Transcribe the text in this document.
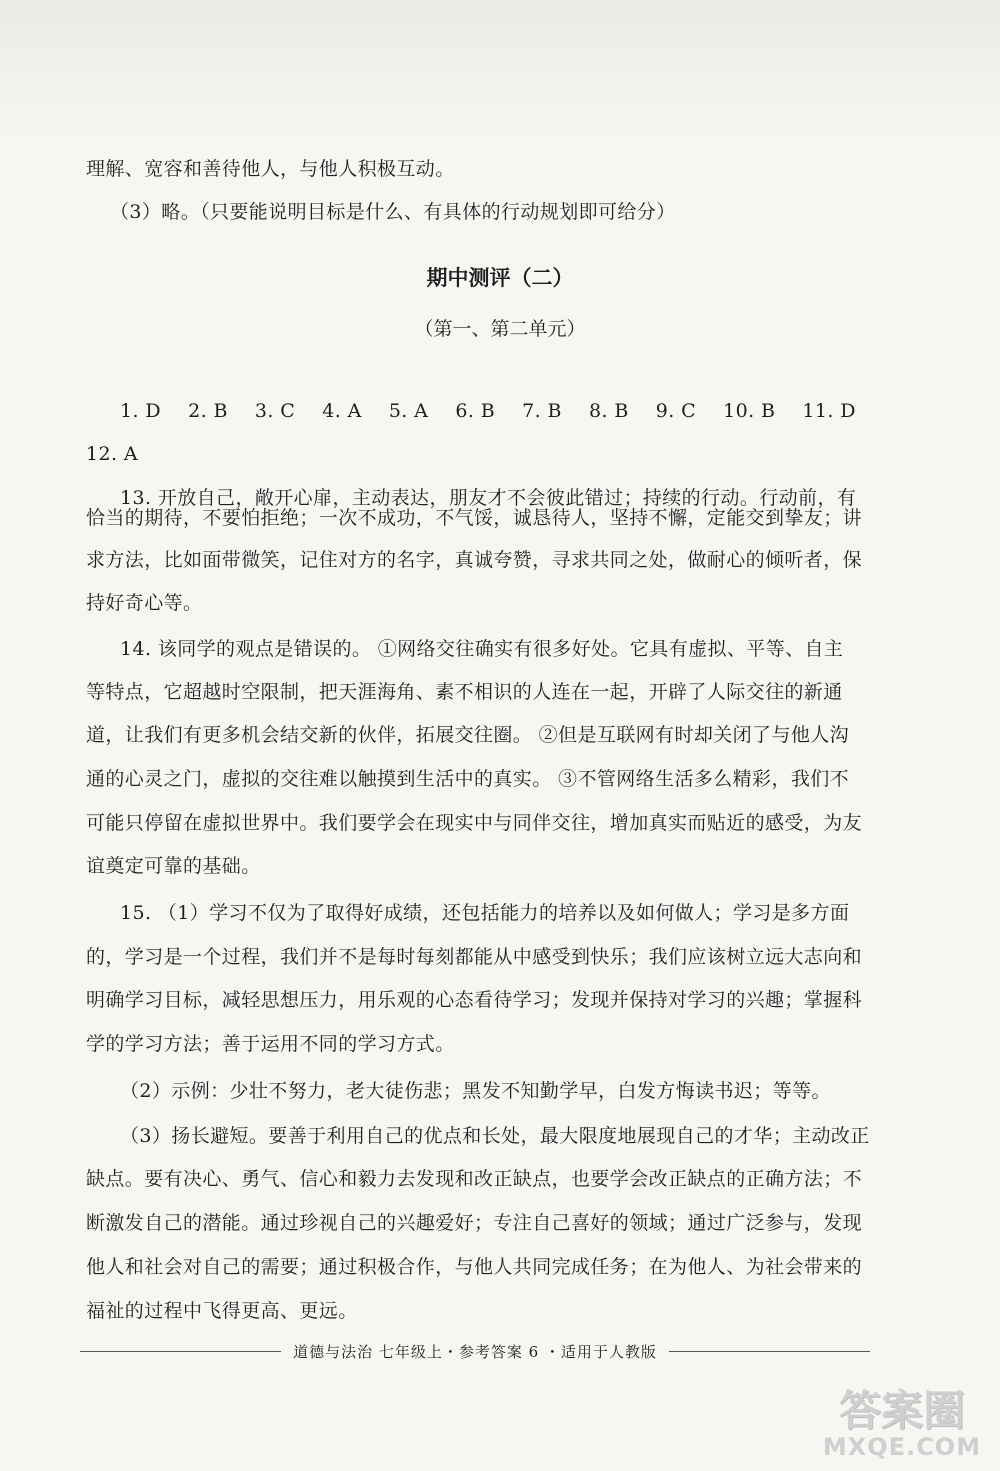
理解、宽容和善待他人，与他人积极互动。
（3）略。（只要能说明目标是什么、有具体的行动规划即可给分）
期中测评（二）
（第一、第二单元）
1. D 2. B 3. C 4. A 5. A 6. B 7. B 8. B 9. C 10. B 11. D
12. A
13. 开放自己，敞开心扉，主动表达，朋友才不会彼此错过；持续的行动。行动前，有
恰当的期待，不要怕拒绝；一次不成功，不气馁，诚恳待人，坚持不懈，定能交到挚友；讲
求方法，比如面带微笑，记住对方的名字，真诚夸赞，寻求共同之处，做耐心的倾听者，保
持好奇心等。
14. 该同学的观点是错误的。 ①网络交往确实有很多好处。它具有虚拟、平等、自主
等特点，它超越时空限制，把天涯海角、素不相识的人连在一起，开辟了人际交往的新通
道，让我们有更多机会结交新的伙伴，拓展交往圈。 ②但是互联网有时却关闭了与他人沟
通的心灵之门，虚拟的交往难以触摸到生活中的真实。 ③不管网络生活多么精彩，我们不
可能只停留在虚拟世界中。我们要学会在现实中与同伴交往，增加真实而贴近的感受，为友
谊奠定可靠的基础。
15. （1）学习不仅为了取得好成绩，还包括能力的培养以及如何做人；学习是多方面
的，学习是一个过程，我们并不是每时每刻都能从中感受到快乐；我们应该树立远大志向和
明确学习目标，减轻思想压力，用乐观的心态看待学习；发现并保持对学习的兴趣；掌握科
学的学习方法；善于运用不同的学习方式。
（2）示例：少壮不努力，老大徒伤悲；黑发不知勤学早，白发方悔读书迟；等等。
（3）扬长避短。要善于利用自己的优点和长处，最大限度地展现自己的才华；主动改正
缺点。要有决心、勇气、信心和毅力去发现和改正缺点，也要学会改正缺点的正确方法；不
断激发自己的潜能。通过珍视自己的兴趣爱好；专注自己喜好的领域；通过广泛参与，发现
他人和社会对自己的需要；通过积极合作，与他人共同完成任务；在为他人、为社会带来的
福祉的过程中飞得更高、更远。
道德与法治 七年级上・参考答案 6 ・适用于人教版
答案圈
MXQE.COM
